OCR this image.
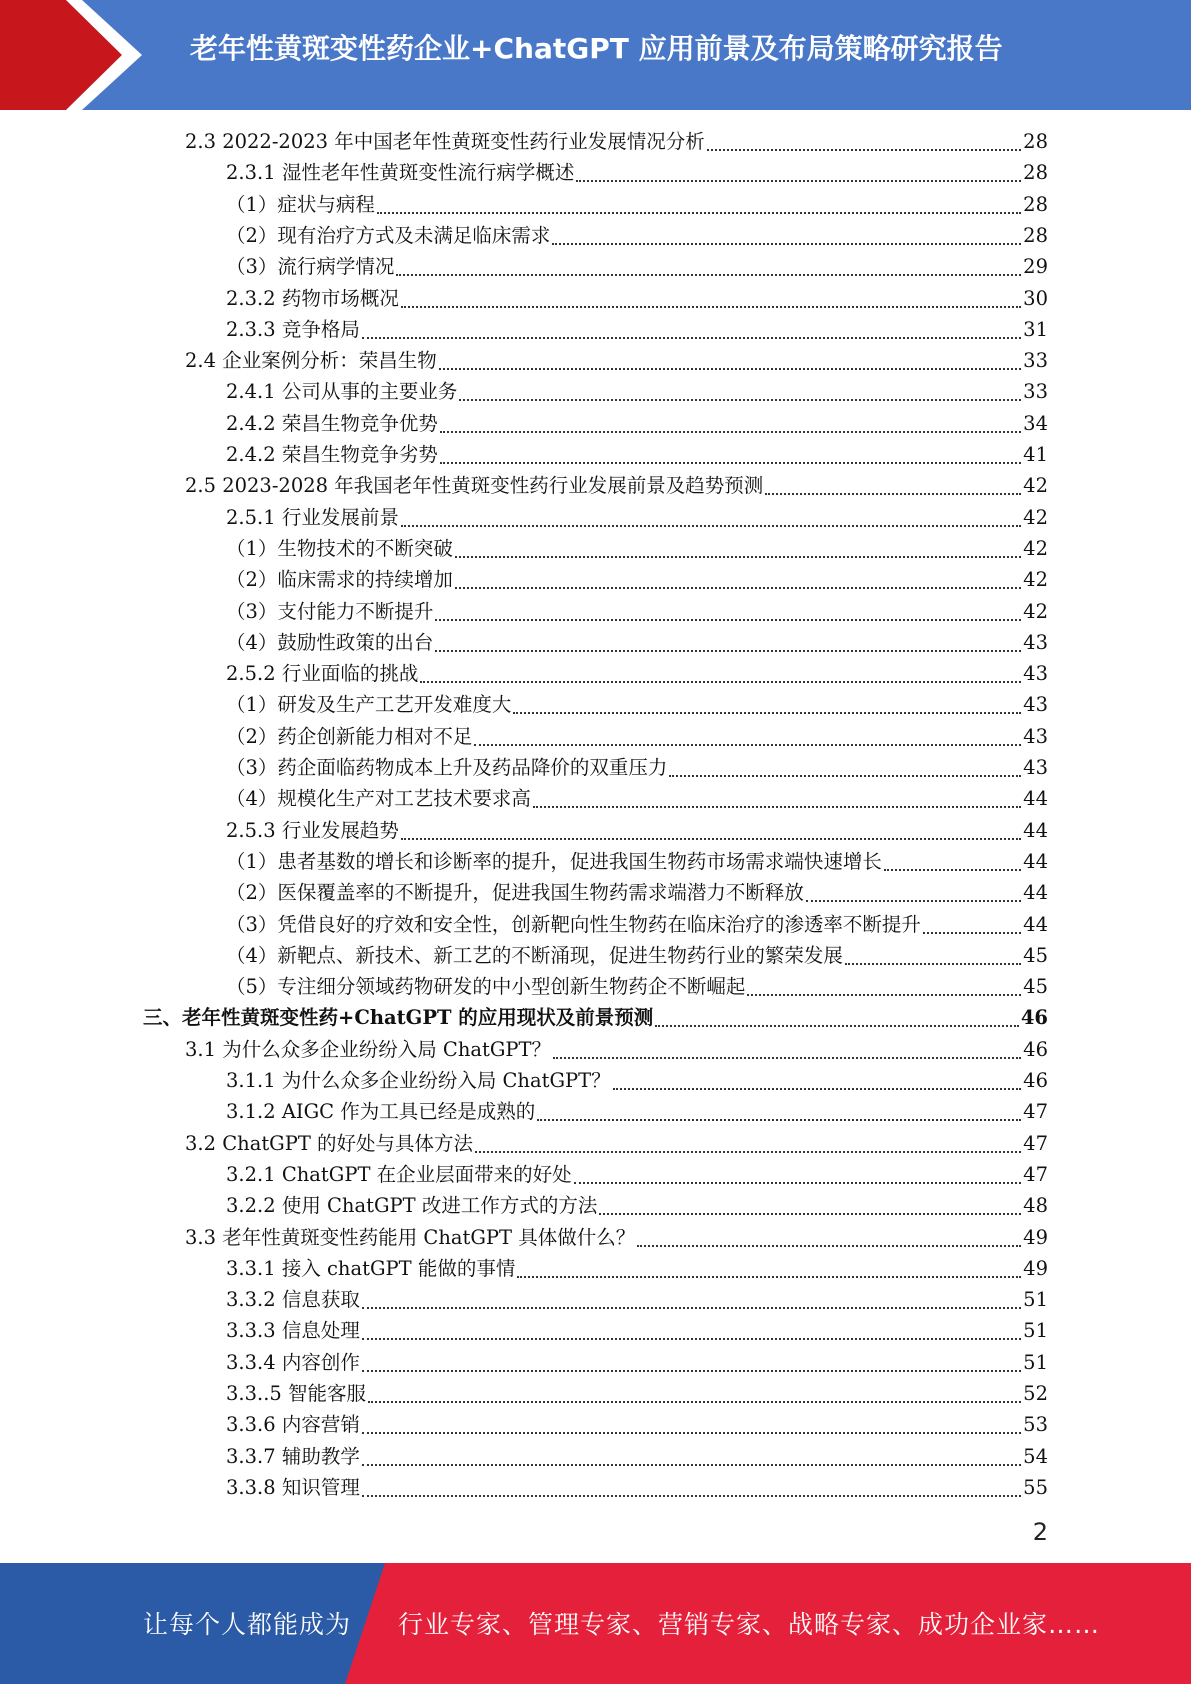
老年性黄斑变性药企业+ChatGPT 应用前景及布局策略研究报告
2.3 2022-2023 年中国老年性黄斑变性药行业发展情况分析	28
2.3.1 湿性老年性黄斑变性流行病学概述	28
（1）症状与病程	28
（2）现有治疗方式及未满足临床需求	28
（3）流行病学情况	29
2.3.2 药物市场概况	30
2.3.3 竞争格局	31
2.4 企业案例分析：荣昌生物	33
2.4.1 公司从事的主要业务	33
2.4.2 荣昌生物竞争优势	34
2.4.2 荣昌生物竞争劣势	41
2.5 2023-2028 年我国老年性黄斑变性药行业发展前景及趋势预测	42
2.5.1 行业发展前景	42
（1）生物技术的不断突破	42
（2）临床需求的持续增加	42
（3）支付能力不断提升	42
（4）鼓励性政策的出台	43
2.5.2 行业面临的挑战	43
（1）研发及生产工艺开发难度大	43
（2）药企创新能力相对不足	43
（3）药企面临药物成本上升及药品降价的双重压力	43
（4）规模化生产对工艺技术要求高	44
2.5.3 行业发展趋势	44
（1）患者基数的增长和诊断率的提升，促进我国生物药市场需求端快速增长	44
（2）医保覆盖率的不断提升，促进我国生物药需求端潜力不断释放	44
（3）凭借良好的疗效和安全性，创新靶向性生物药在临床治疗的渗透率不断提升	44
（4）新靶点、新技术、新工艺的不断涌现，促进生物药行业的繁荣发展	45
（5）专注细分领域药物研发的中小型创新生物药企不断崛起	45
三、老年性黄斑变性药+ChatGPT 的应用现状及前景预测	46
3.1 为什么众多企业纷纷入局 ChatGPT？	46
3.1.1 为什么众多企业纷纷入局 ChatGPT？	46
3.1.2 AIGC 作为工具已经是成熟的	47
3.2 ChatGPT 的好处与具体方法	47
3.2.1 ChatGPT 在企业层面带来的好处	47
3.2.2 使用 ChatGPT 改进工作方式的方法	48
3.3 老年性黄斑变性药能用 ChatGPT 具体做什么？	49
3.3.1 接入 chatGPT 能做的事情	49
3.3.2 信息获取	51
3.3.3 信息处理	51
3.3.4 内容创作	51
3.3..5 智能客服	52
3.3.6 内容营销	53
3.3.7 辅助教学	54
3.3.8 知识管理	55
2
让每个人都能成为 行业专家、管理专家、营销专家、战略专家、成功企业家……
